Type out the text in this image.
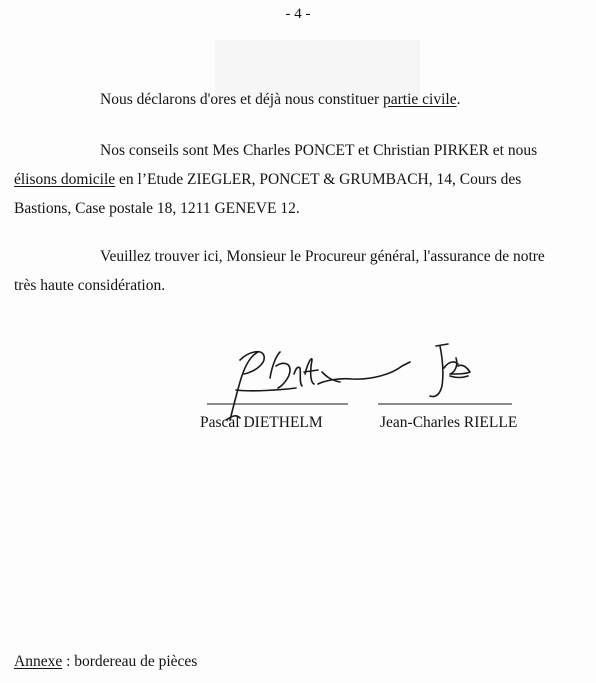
- 4 -

Nous déclarons d'ores et déjà nous constituer partie civile.

Nos conseils sont Mes Charles PONCET et Christian PIRKER et nous

élisons domicile en l’Etude ZIEGLER, PONCET & GRUMBACH, 14, Cours des

Bastions, Case postale 18, 1211 GENEVE 12.

Veuillez trouver ici, Monsieur le Procureur général, l'assurance de notre

très haute considération.

Pascal DIETHELM	Jean-Charles RIELLE
Annexe : bordereau de pièces
